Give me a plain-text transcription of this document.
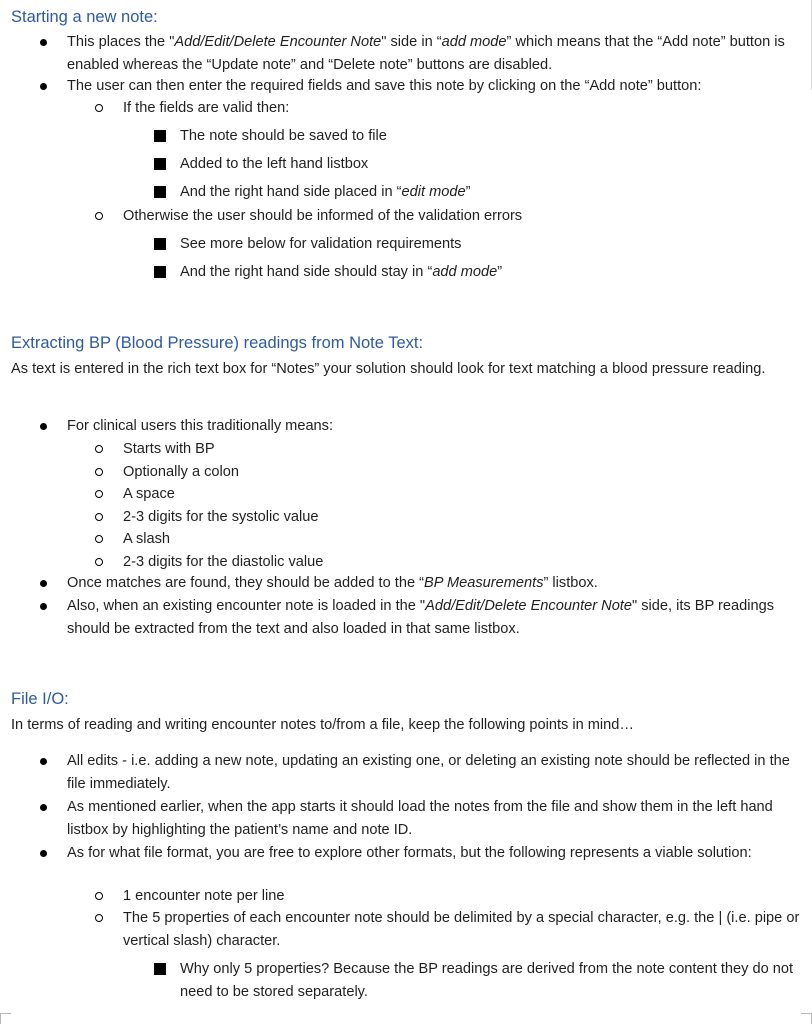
Starting a new note:
This places the "Add/Edit/Delete Encounter Note" side in “add mode” which means that the “Add note” button is enabled whereas the “Update note” and “Delete note” buttons are disabled.
The user can then enter the required fields and save this note by clicking on the “Add note” button:
If the fields are valid then:
The note should be saved to file
Added to the left hand listbox
And the right hand side placed in “edit mode”
Otherwise the user should be informed of the validation errors
See more below for validation requirements
And the right hand side should stay in “add mode”
Extracting BP (Blood Pressure) readings from Note Text:

As text is entered in the rich text box for “Notes” your solution should look for text matching a blood pressure reading.

For clinical users this traditionally means:
Starts with BP
Optionally a colon
A space
2-3 digits for the systolic value
A slash
2-3 digits for the diastolic value
Once matches are found, they should be added to the “BP Measurements” listbox.
Also, when an existing encounter note is loaded in the "Add/Edit/Delete Encounter Note" side, its BP readings should be extracted from the text and also loaded in that same listbox.
File I/O:

In terms of reading and writing encounter notes to/from a file, keep the following points in mind…

All edits - i.e. adding a new note, updating an existing one, or deleting an existing note should be reflected in the file immediately.
As mentioned earlier, when the app starts it should load the notes from the file and show them in the left hand listbox by highlighting the patient’s name and note ID.
As for what file format, you are free to explore other formats, but the following represents a viable solution:
1 encounter note per line
The 5 properties of each encounter note should be delimited by a special character, e.g. the | (i.e. pipe or vertical slash) character.
Why only 5 properties? Because the BP readings are derived from the note content they do not need to be stored separately.
